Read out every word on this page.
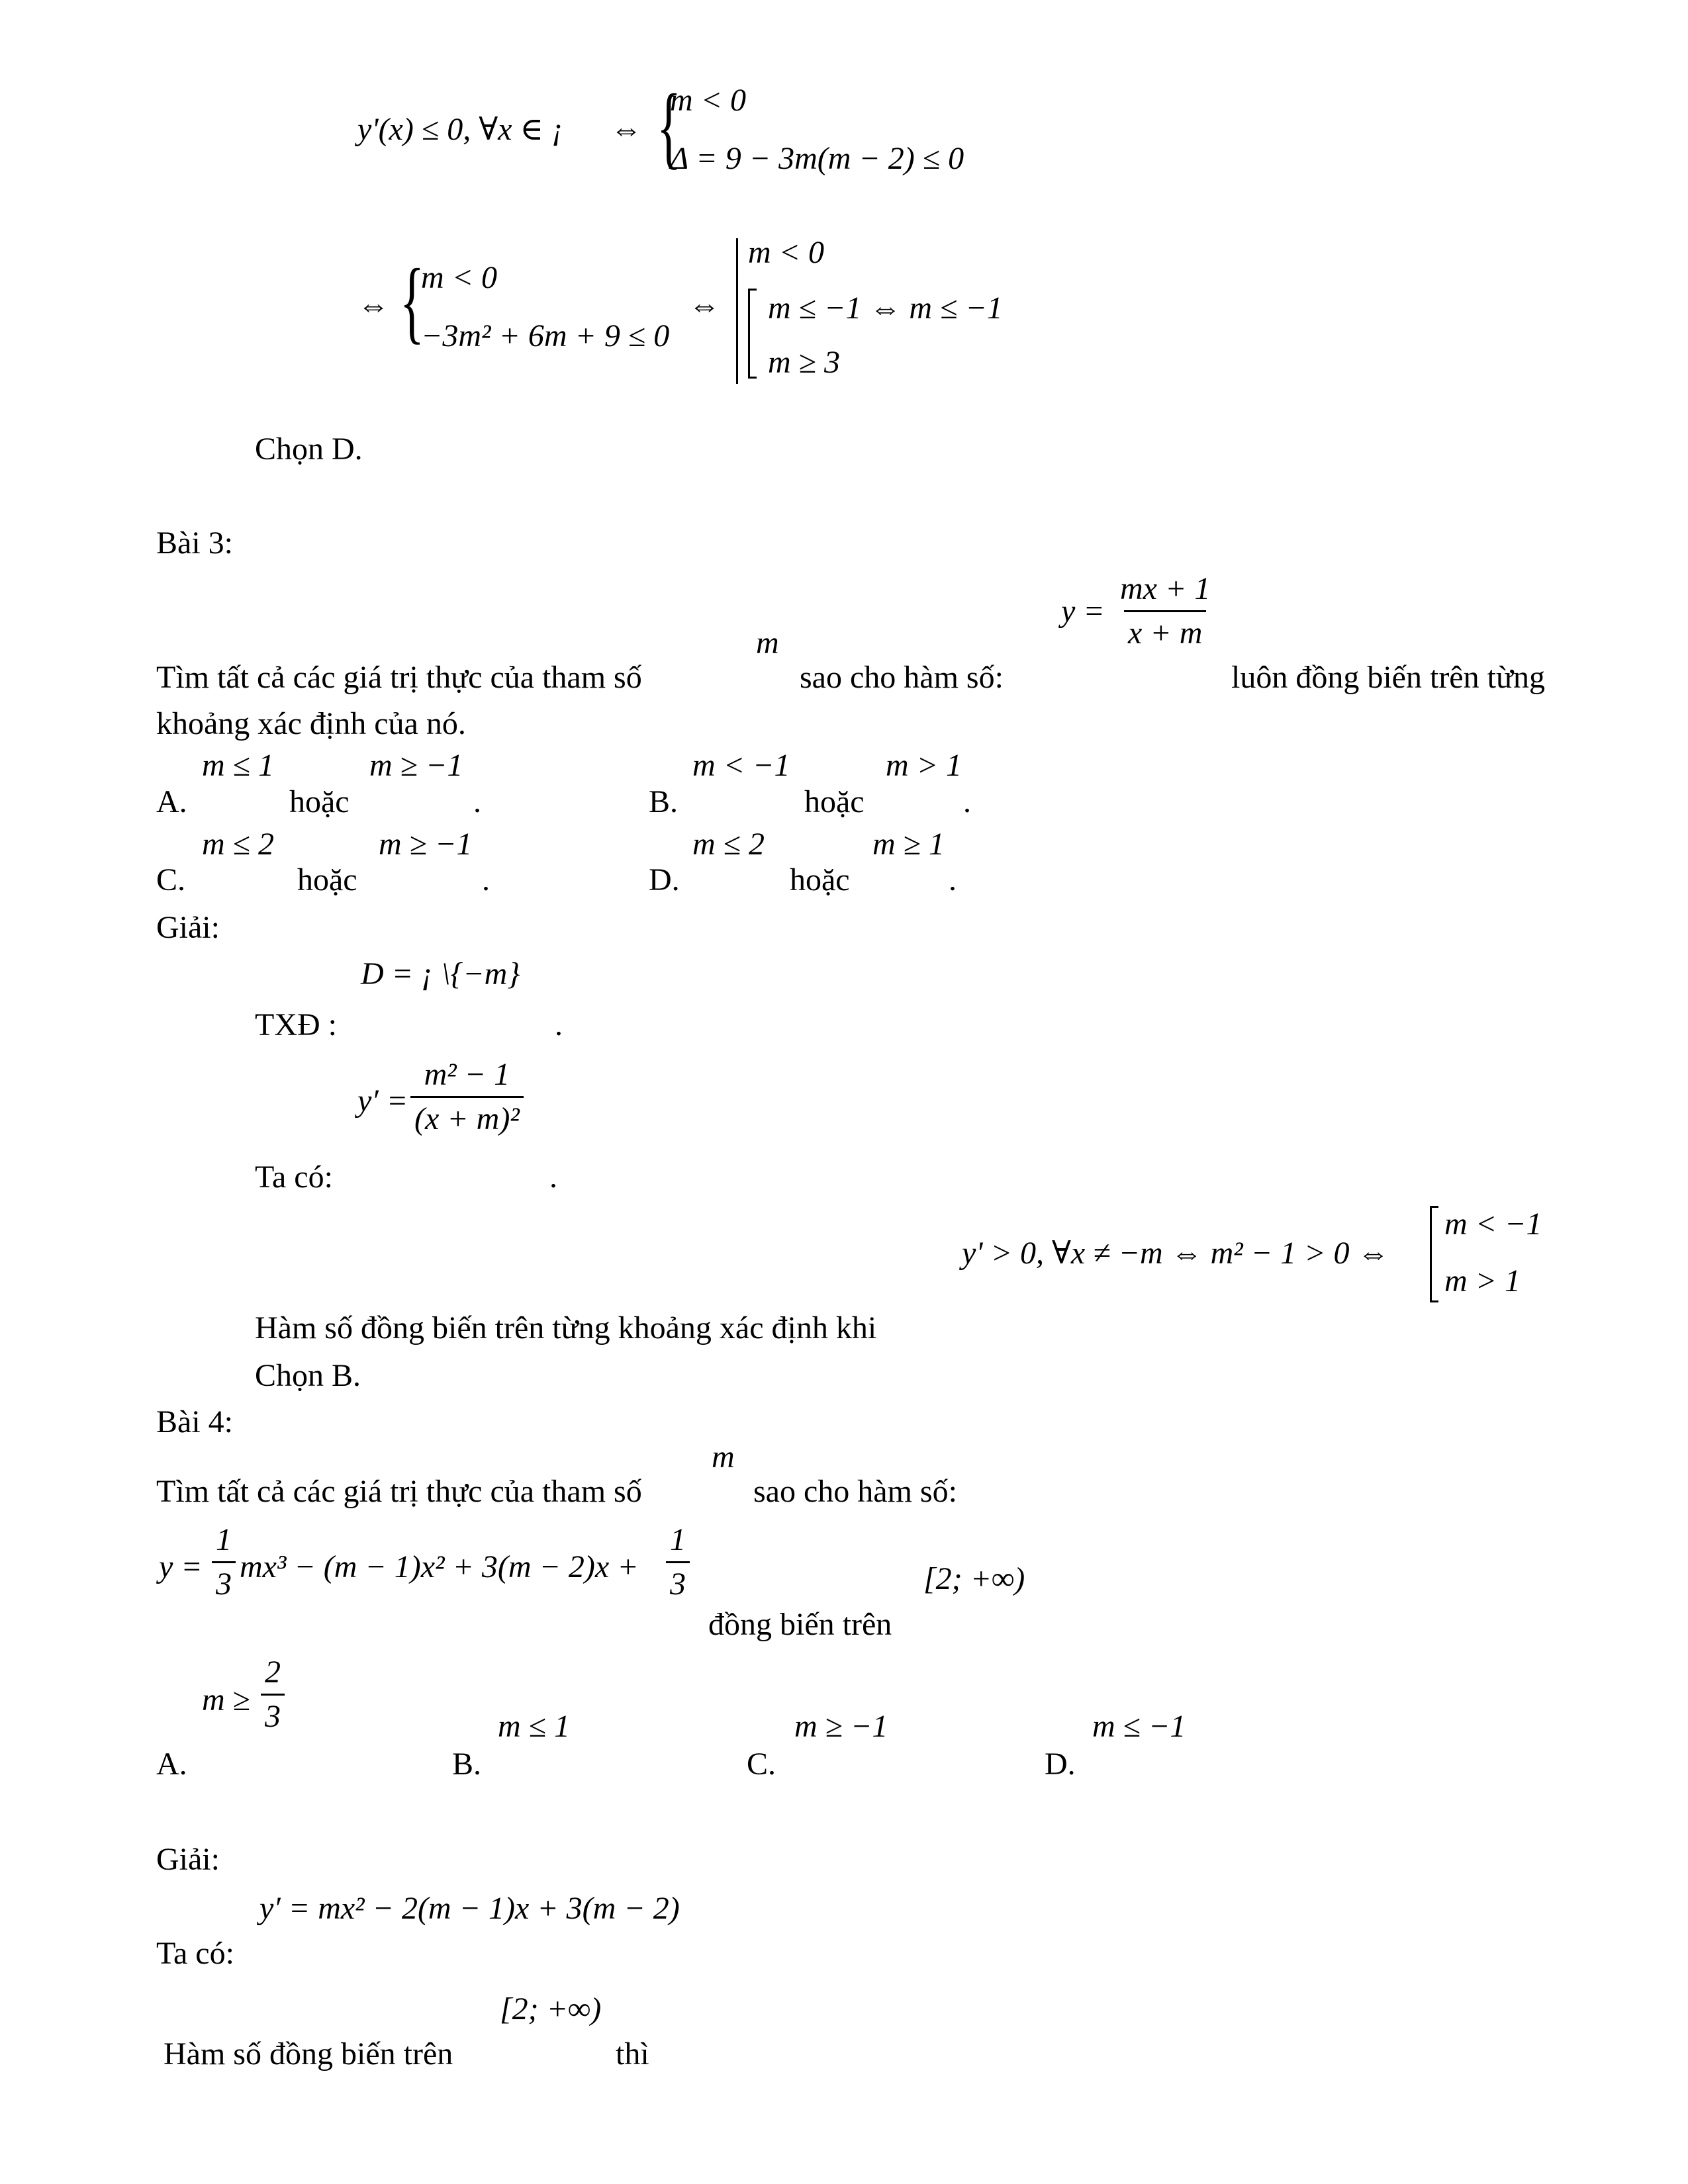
y'(x) ≤ 0, ∀x ∈ ¡ ⇔ {
m < 0
Δ = 9 − 3m(m − 2) ≤ 0
⇔ {
m < 0
−3m² + 6m + 9 ≤ 0
⇔
m < 0
m ≤ −1 ⇔ m ≤ −1
m ≥ 3
Chọn D.
Bài 3:
$y = \frac{mx + 1}{x + m}$
m
Tìm tất cả các giá trị thực của tham số	sao cho hàm số:	luôn đồng biến trên từng
khoảng xác định của nó.
m ≤ 1	m ≥ −1
A.	hoặc	.
m < −1	m > 1
B.	hoặc	.
m ≤ 2	m ≥ −1
C.	hoặc	.
m ≤ 2	m ≥ 1
D.	hoặc	.
Giải:
D = ¡ \{−m}
TXĐ :	.
$y' = \frac{\text{m² − 1}}{\text{(x + m)²}}$
Ta có:	.
y' > 0, ∀x ≠ −m ⇔ m² − 1 > 0 ⇔
m < −1
m > 1
Hàm số đồng biến trên từng khoảng xác định khi
Chọn B.
Bài 4:
m
Tìm tất cả các giá trị thực của tham số	sao cho hàm số:
$y = \frac{1}{3} mx^3 - (m - 1)x^2 + 3(m - 2)x + \frac{1}{3}$	[2; +∞)
đồng biến trên
$m \ge \frac{2}{3}$
A.
m ≤ 1
B.
m ≥ −1
C.
m ≤ −1
D.
Giải:
y′ = mx² − 2(m − 1)x + 3(m − 2)
Ta có:
[2; +∞)
Hàm số đồng biến trên	thì
